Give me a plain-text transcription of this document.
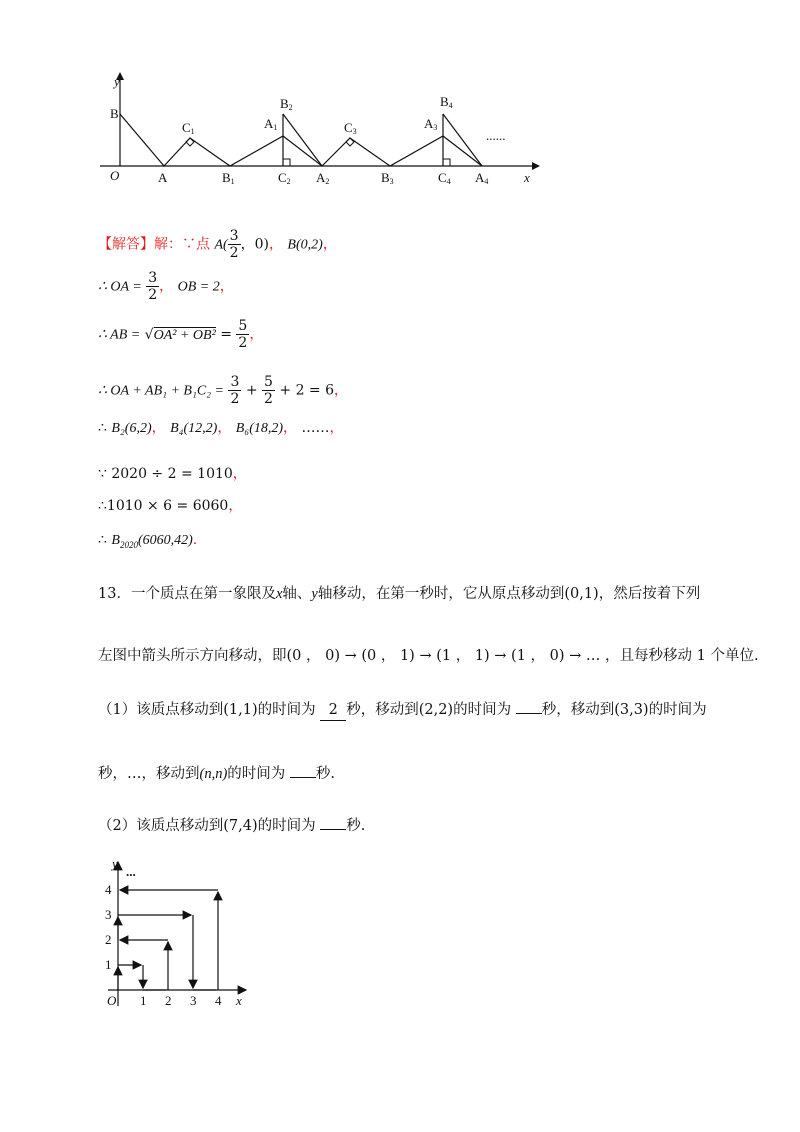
y
B
O	A
C1
B1
A1
B2
C2 A2
C3
B3
A3
B4
C4 A4
......
x
【解答】解：∵点 $A( \frac{3}{2}$ ，0)， B(0,2)，
∴ OA = $\frac{3}{2}$ ， OB = 2，
∴ AB = $√OA^2 + OB^2 = \frac{5}{2}$ ，
∴ OA + $AB_1 + B_1C_2 = \frac{3}{2} + \frac{5}{2} + 2 = 6$，
∴ B₂(6,2)， B₄(12,2)， B₆(18,2)， ……，
∵ 2020 ÷ 2 = 1010，
∴1010 × 6 = 6060，
∴ $B_{2020}(6060,42)$.
13．一个质点在第一象限及x轴、y轴移动，在第一秒时，它从原点移动到(0,1)，然后按着下列
左图中箭头所示方向移动，即(0 ， 0) → (0 ， 1) → (1 ， 1) → (1 ， 0) → … ，且每秒移动 1 个单位.
（1）该质点移动到(1,1)的时间为 2 秒，移动到(2,2)的时间为 秒，移动到(3,3)的时间为
秒，…，移动到(n,n)的时间为 秒.
（2）该质点移动到(7,4)的时间为 秒.
y
...
4
3
2
1
O 1 2 3 4 x
